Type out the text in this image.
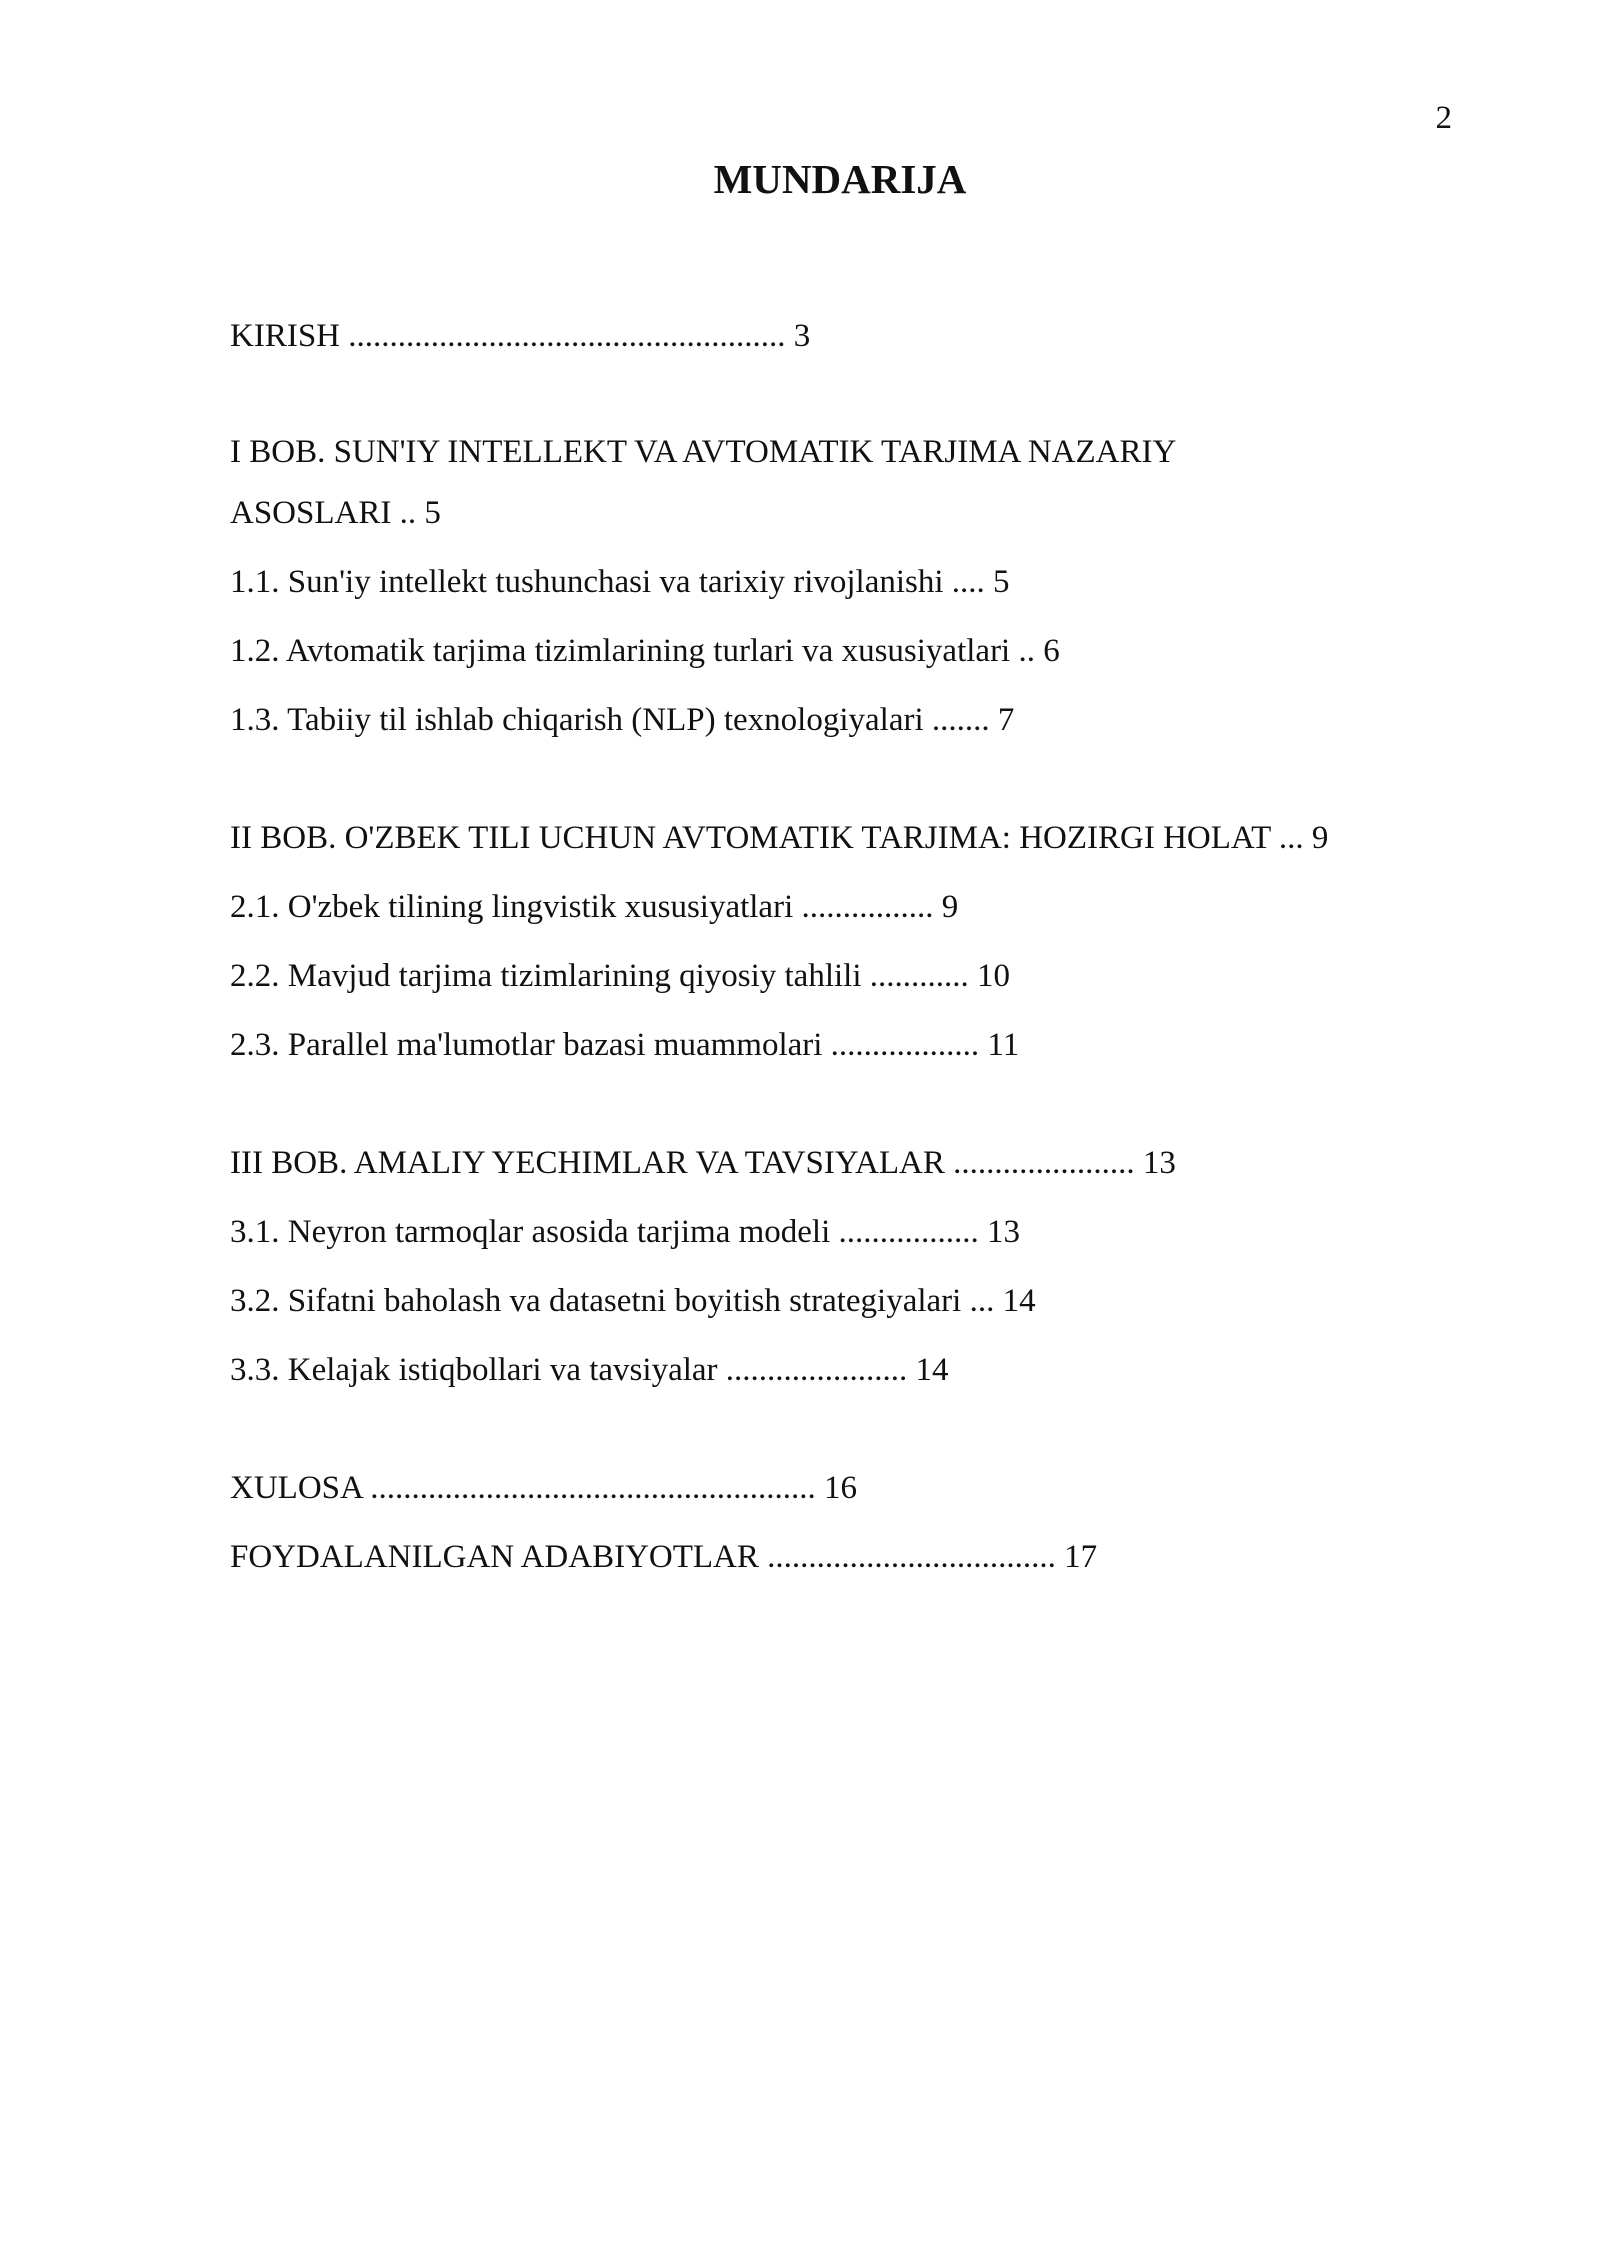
2
MUNDARIJA

KIRISH ..................................................... 3

I BOB. SUN'IY INTELLEKT VA AVTOMATIK TARJIMA NAZARIY

ASOSLARI .. 5

1.1. Sun'iy intellekt tushunchasi va tarixiy rivojlanishi .... 5

1.2. Avtomatik tarjima tizimlarining turlari va xususiyatlari .. 6

1.3. Tabiiy til ishlab chiqarish (NLP) texnologiyalari ....... 7

II BOB. O'ZBEK TILI UCHUN AVTOMATIK TARJIMA: HOZIRGI HOLAT ... 9

2.1. O'zbek tilining lingvistik xususiyatlari ................ 9

2.2. Mavjud tarjima tizimlarining qiyosiy tahlili ............ 10

2.3. Parallel ma'lumotlar bazasi muammolari .................. 11

III BOB. AMALIY YECHIMLAR VA TAVSIYALAR ...................... 13

3.1. Neyron tarmoqlar asosida tarjima modeli ................. 13

3.2. Sifatni baholash va datasetni boyitish strategiyalari ... 14

3.3. Kelajak istiqbollari va tavsiyalar ...................... 14

XULOSA ...................................................... 16

FOYDALANILGAN ADABIYOTLAR ................................... 17
